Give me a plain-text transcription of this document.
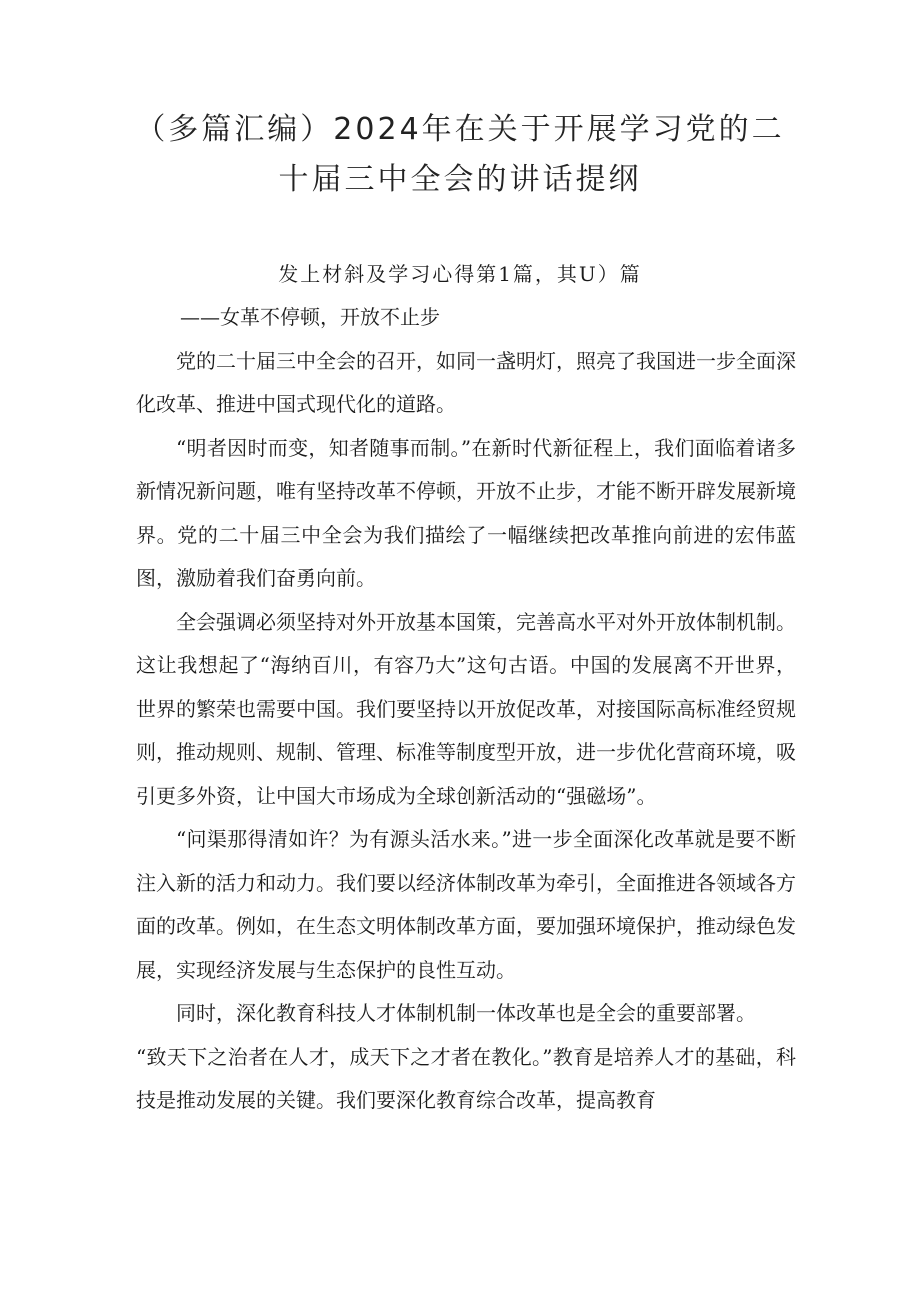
（多篇汇编）2024年在关于开展学习党的二
十届三中全会的讲话提纲
发上材斜及学习心得第1篇，其U）篇

——女革不停顿，开放不止步

党的二十届三中全会的召开，如同一盏明灯，照亮了我国进一步全面深化改革、推进中国式现代化的道路。

“明者因时而变，知者随事而制。”在新时代新征程上，我们面临着诸多新情况新问题，唯有坚持改革不停顿，开放不止步，才能不断开辟发展新境界。党的二十届三中全会为我们描绘了一幅继续把改革推向前进的宏伟蓝图，激励着我们奋勇向前。

全会强调必须坚持对外开放基本国策，完善高水平对外开放体制机制。这让我想起了“海纳百川，有容乃大”这句古语。中国的发展离不开世界，世界的繁荣也需要中国。我们要坚持以开放促改革，对接国际高标准经贸规则，推动规则、规制、管理、标准等制度型开放，进一步优化营商环境，吸引更多外资，让中国大市场成为全球创新活动的“强磁场”。

“问渠那得清如许？为有源头活水来。”进一步全面深化改革就是要不断注入新的活力和动力。我们要以经济体制改革为牵引，全面推进各领域各方面的改革。例如，在生态文明体制改革方面，要加强环境保护，推动绿色发展，实现经济发展与生态保护的良性互动。

同时，深化教育科技人才体制机制一体改革也是全会的重要部署。

“致天下之治者在人才，成天下之才者在教化。”教育是培养人才的基础，科技是推动发展的关键。我们要深化教育综合改革，提高教育
